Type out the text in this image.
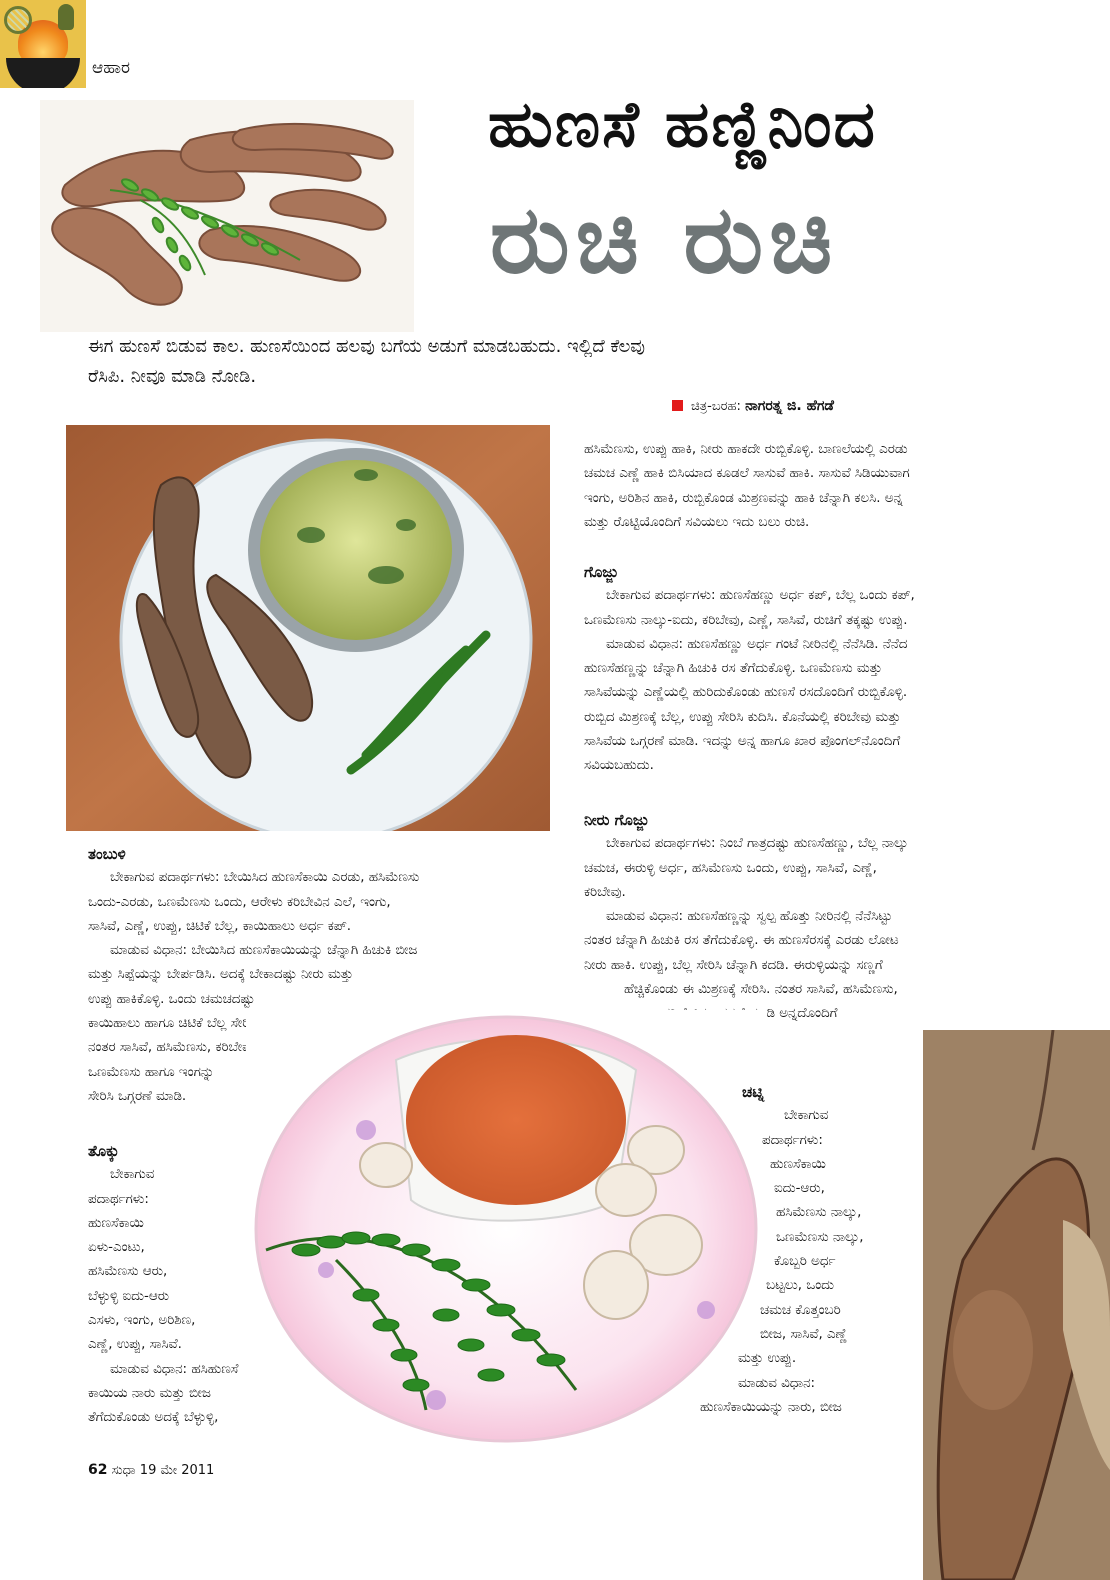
ಆಹಾರ
ಹುಣಸೆ ಹಣ್ಣಿನಿಂದ
ರುಚಿ ರುಚಿ
ಈಗ ಹುಣಸೆ ಬಿಡುವ ಕಾಲ. ಹುಣಸೆಯಿಂದ ಹಲವು ಬಗೆಯ ಅಡುಗೆ ಮಾಡಬಹುದು. ಇಲ್ಲಿದೆ ಕೆಲವು
ರೆಸಿಪಿ. ನೀವೂ ಮಾಡಿ ನೋಡಿ.
ಚಿತ್ರ-ಬರಹ: ನಾಗರತ್ನ ಜಿ. ಹೆಗಡೆ

ಹಸಿಮೆಣಸು, ಉಪ್ಪು ಹಾಕಿ, ನೀರು ಹಾಕದೇ ರುಬ್ಬಿಕೊಳ್ಳಿ. ಬಾಣಲೆಯಲ್ಲಿ ಎರಡು

ಚಮಚ ಎಣ್ಣೆ ಹಾಕಿ ಬಿಸಿಯಾದ ಕೂಡಲೆ ಸಾಸುವೆ ಹಾಕಿ. ಸಾಸುವೆ ಸಿಡಿಯುವಾಗ

ಇಂಗು, ಅರಿಶಿನ ಹಾಕಿ, ರುಬ್ಬಿಕೊಂಡ ಮಿಶ್ರಣವನ್ನು ಹಾಕಿ ಚೆನ್ನಾಗಿ ಕಲಸಿ. ಅನ್ನ

ಮತ್ತು ರೊಟ್ಟಿಯೊಂದಿಗೆ ಸವಿಯಲು ಇದು ಬಲು ರುಚಿ.

ಗೊಜ್ಜು

ಬೇಕಾಗುವ ಪದಾರ್ಥಗಳು: ಹುಣಸೆಹಣ್ಣು ಅರ್ಧ ಕಪ್, ಬೆಲ್ಲ ಒಂದು ಕಪ್,

ಒಣಮೆಣಸು ನಾಲ್ಕು-ಐದು, ಕರಿಬೇವು, ಎಣ್ಣೆ, ಸಾಸಿವೆ, ರುಚಿಗೆ ತಕ್ಕಷ್ಟು ಉಪ್ಪು.

ಮಾಡುವ ವಿಧಾನ: ಹುಣಸೆಹಣ್ಣು ಅರ್ಧ ಗಂಟೆ ನೀರಿನಲ್ಲಿ ನೆನೆಸಿಡಿ. ನೆನೆದ

ಹುಣಸೆಹಣ್ಣನ್ನು ಚೆನ್ನಾಗಿ ಹಿಚುಕಿ ರಸ ತೆಗೆದುಕೊಳ್ಳಿ. ಒಣಮೆಣಸು ಮತ್ತು

ಸಾಸಿವೆಯನ್ನು ಎಣ್ಣೆಯಲ್ಲಿ ಹುರಿದುಕೊಂಡು ಹುಣಸೆ ರಸದೊಂದಿಗೆ ರುಬ್ಬಿಕೊಳ್ಳಿ.

ರುಬ್ಬಿದ ಮಿಶ್ರಣಕ್ಕೆ ಬೆಲ್ಲ, ಉಪ್ಪು ಸೇರಿಸಿ ಕುದಿಸಿ. ಕೊನೆಯಲ್ಲಿ ಕರಿಬೇವು ಮತ್ತು

ಸಾಸಿವೆಯ ಒಗ್ಗರಣೆ ಮಾಡಿ. ಇದನ್ನು ಅನ್ನ ಹಾಗೂ ಖಾರ ಪೊಂಗಲ್‌ನೊಂದಿಗೆ

ಸವಿಯಬಹುದು.

ನೀರು ಗೊಜ್ಜು

ಬೇಕಾಗುವ ಪದಾರ್ಥಗಳು: ನಿಂಬೆ ಗಾತ್ರದಷ್ಟು ಹುಣಸೆಹಣ್ಣು, ಬೆಲ್ಲ ನಾಲ್ಕು

ಚಮಚ, ಈರುಳ್ಳಿ ಅರ್ಧ, ಹಸಿಮೆಣಸು ಒಂದು, ಉಪ್ಪು, ಸಾಸಿವೆ, ಎಣ್ಣೆ,

ಕರಿಬೇವು.

ಮಾಡುವ ವಿಧಾನ: ಹುಣಸೆಹಣ್ಣನ್ನು ಸ್ವಲ್ಪ ಹೊತ್ತು ನೀರಿನಲ್ಲಿ ನೆನೆಸಿಟ್ಟು

ನಂತರ ಚೆನ್ನಾಗಿ ಹಿಚುಕಿ ರಸ ತೆಗೆದುಕೊಳ್ಳಿ. ಈ ಹುಣಸೆರಸಕ್ಕೆ ಎರಡು ಲೋಟ

ನೀರು ಹಾಕಿ. ಉಪ್ಪು, ಬೆಲ್ಲ ಸೇರಿಸಿ ಚೆನ್ನಾಗಿ ಕದಡಿ. ಈರುಳ್ಳಿಯನ್ನು ಸಣ್ಣಗೆ

ಹೆಚ್ಚಿಕೊಂಡು ಈ ಮಿಶ್ರಣಕ್ಕೆ ಸೇರಿಸಿ. ನಂತರ ಸಾಸಿವೆ, ಹಸಿಮೆಣಸು,

ಕರಿಬೇವಿನ ಒಗ್ಗರಣೆ ಮಾಡಿ ಅನ್ನದೊಂದಿಗೆ

ಊಟಕ್ಕೆ ಬಡಿಸಿ.

ತಂಬುಳಿ

ಬೇಕಾಗುವ ಪದಾರ್ಥಗಳು: ಬೇಯಿಸಿದ ಹುಣಸೆಕಾಯಿ ಎರಡು, ಹಸಿಮೆಣಸು

ಒಂದು-ಎರಡು, ಒಣಮೆಣಸು ಒಂದು, ಆರೇಳು ಕರಿಬೇವಿನ ಎಲೆ, ಇಂಗು,

ಸಾಸಿವೆ, ಎಣ್ಣೆ, ಉಪ್ಪು, ಚಿಟಿಕೆ ಬೆಲ್ಲ, ಕಾಯಿಹಾಲು ಅರ್ಧ ಕಪ್.

ಮಾಡುವ ವಿಧಾನ: ಬೇಯಿಸಿದ ಹುಣಸೆಕಾಯಿಯನ್ನು ಚೆನ್ನಾಗಿ ಹಿಚುಕಿ ಬೀಜ

ಮತ್ತು ಸಿಪ್ಪೆಯನ್ನು ಬೇರ್ಪಡಿಸಿ. ಅದಕ್ಕೆ ಬೇಕಾದಷ್ಟು ನೀರು ಮತ್ತು

ಉಪ್ಪು ಹಾಕಿಕೊಳ್ಳಿ. ಒಂದು ಚಮಚದಷ್ಟು

ಕಾಯಿಹಾಲು ಹಾಗೂ ಚಿಟಿಕೆ ಬೆಲ್ಲ ಸೇರಿಸಿ.

ನಂತರ ಸಾಸಿವೆ, ಹಸಿಮೆಣಸು, ಕರಿಬೇವು,

ಒಣಮೆಣಸು ಹಾಗೂ ಇಂಗನ್ನು

ಸೇರಿಸಿ ಒಗ್ಗರಣೆ ಮಾಡಿ.

ತೊಕ್ಕು

ಬೇಕಾಗುವ

ಪದಾರ್ಥಗಳು:

ಹುಣಸೆಕಾಯಿ

ಏಳು-ಎಂಟು,

ಹಸಿಮೆಣಸು ಆರು,

ಬೆಳ್ಳುಳ್ಳಿ ಐದು-ಆರು

ಎಸಳು, ಇಂಗು, ಅರಿಶಿಣ,

ಎಣ್ಣೆ, ಉಪ್ಪು, ಸಾಸಿವೆ.

ಮಾಡುವ ವಿಧಾನ: ಹಸಿಹುಣಸೆ

ಕಾಯಿಯ ನಾರು ಮತ್ತು ಬೀಜ

ತೆಗೆದುಕೊಂಡು ಅದಕ್ಕೆ ಬೆಳ್ಳುಳ್ಳಿ,

ಚಟ್ನಿ

ಬೇಕಾಗುವ

ಪದಾರ್ಥಗಳು:

ಹುಣಸೆಕಾಯಿ

ಐದು-ಆರು,

ಹಸಿಮೆಣಸು ನಾಲ್ಕು,

ಒಣಮೆಣಸು ನಾಲ್ಕು,

ಕೊಬ್ಬರಿ ಅರ್ಧ

ಬಟ್ಟಲು, ಒಂದು

ಚಮಚ ಕೊತ್ತಂಬರಿ

ಬೀಜ, ಸಾಸಿವೆ, ಎಣ್ಣೆ

ಮತ್ತು ಉಪ್ಪು.

ಮಾಡುವ ವಿಧಾನ:

ಹುಣಸೆಕಾಯಿಯನ್ನು ನಾರು, ಬೀಜ

62 ಸುಧಾ 19 ಮೇ 2011
